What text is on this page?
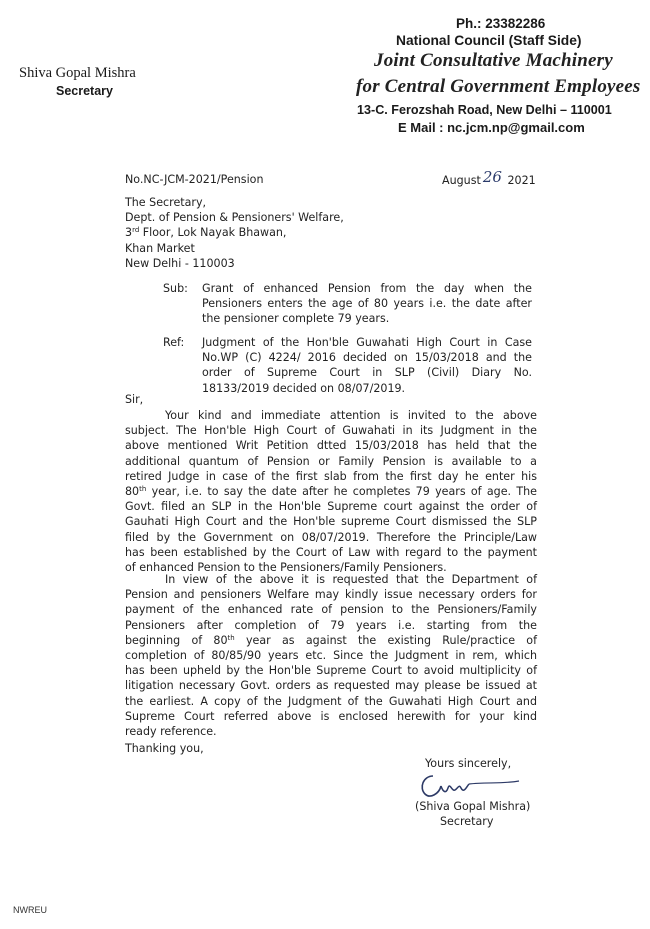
Ph.: 23382286
National Council (Staff Side)
Joint Consultative Machinery
for Central Government Employees
13-C. Ferozshah Road, New Delhi – 110001
E Mail : nc.jcm.np@gmail.com
Shiva Gopal Mishra
Secretary
No.NC-JCM-2021/Pension	August 26 2021
The Secretary,
Dept. of Pension & Pensioners' Welfare,
3rd Floor, Lok Nayak Bhawan,
Khan Market
New Delhi - 110003
Sub: Grant of enhanced Pension from the day when the
Pensioners enters the age of 80 years i.e. the date after
the pensioner complete 79 years.
Ref: Judgment of the Hon'ble Guwahati High Court in Case
No.WP (C) 4224/ 2016 decided on 15/03/2018 and the
order of Supreme Court in SLP (Civil) Diary No.
18133/2019 decided on 08/07/2019.
Sir,
Your kind and immediate attention is invited to the above
subject. The Hon'ble High Court of Guwahati in its Judgment in the
above mentioned Writ Petition dtted 15/03/2018 has held that the
additional quantum of Pension or Family Pension is available to a
retired Judge in case of the first slab from the first day he enter his
80th year, i.e. to say the date after he completes 79 years of age. The
Govt. filed an SLP in the Hon'ble Supreme court against the order of
Gauhati High Court and the Hon'ble supreme Court dismissed the SLP
filed by the Government on 08/07/2019. Therefore the Principle/Law
has been established by the Court of Law with regard to the payment
of enhanced Pension to the Pensioners/Family Pensioners.
In view of the above it is requested that the Department of
Pension and pensioners Welfare may kindly issue necessary orders for
payment of the enhanced rate of pension to the Pensioners/Family
Pensioners after completion of 79 years i.e. starting from the
beginning of 80th year as against the existing Rule/practice of
completion of 80/85/90 years etc. Since the Judgment in rem, which
has been upheld by the Hon'ble Supreme Court to avoid multiplicity of
litigation necessary Govt. orders as requested may please be issued at
the earliest. A copy of the Judgment of the Guwahati High Court and
Supreme Court referred above is enclosed herewith for your kind
ready reference.
Thanking you,
Yours sincerely,
(Shiva Gopal Mishra)
Secretary
NWREU
